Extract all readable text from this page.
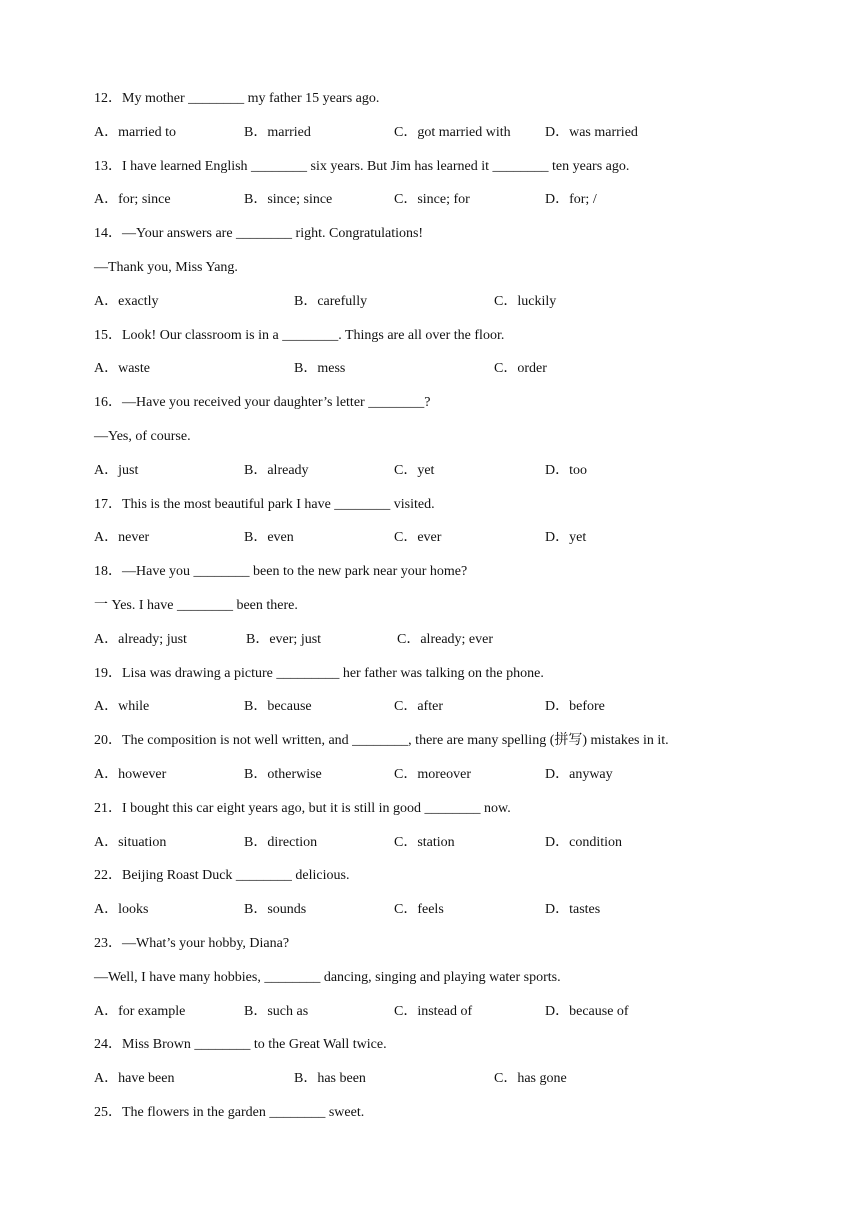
12．My mother ________ my father 15 years ago.
A．married to	B．married	C．got married with D．was married
13．I have learned English ________ six years. But Jim has learned it ________ ten years ago.
A．for; since	B．since; since	C．since; for	D．for; /
14．—Your answers are ________ right. Congratulations!
—Thank you, Miss Yang.
A．exactly	B．carefully	C．luckily
15．Look! Our classroom is in a ________. Things are all over the floor.
A．waste	B．mess	C．order
16．—Have you received your daughter’s letter ________?
—Yes, of course.
A．just	B．already	C．yet	D．too
17．This is the most beautiful park I have ________ visited.
A．never	B．even	C．ever	D．yet
18．—Have you ________ been to the new park near your home?
一 Yes. I have ________ been there.
A．already; just	B．ever; just	C．already; ever
19．Lisa was drawing a picture _________ her father was talking on the phone.
A．while	B．because	C．after	D．before
20．The composition is not well written, and ________, there are many spelling (拼写) mistakes in it.
A．however	B．otherwise	C．moreover	D．anyway
21．I bought this car eight years ago, but it is still in good ________ now.
A．situation	B．direction	C．station	D．condition
22．Beijing Roast Duck ________ delicious.
A．looks	B．sounds	C．feels	D．tastes
23．—What’s your hobby, Diana?
—Well, I have many hobbies, ________ dancing, singing and playing water sports.
A．for example	B．such as	C．instead of	D．because of
24．Miss Brown ________ to the Great Wall twice.
A．have been	B．has been	C．has gone
25．The flowers in the garden ________ sweet.
